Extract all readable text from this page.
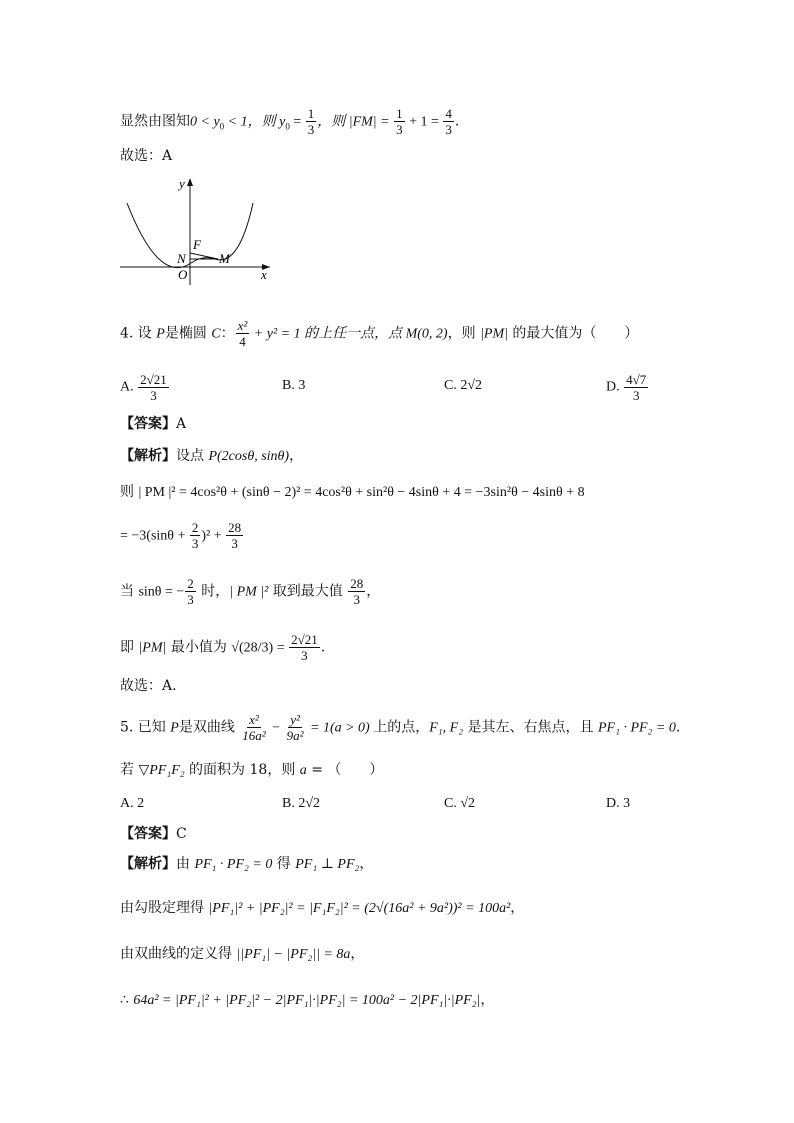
显然由图知$0 < y_0 < 1$，则 $y_0 = \frac{1}{3}$ ，则 $|FM| = \frac{1}{3} + 1 = \frac{4}{3}$ .
故选：A
y
x
F
N	M
O
4. 设 P是椭圆 C： $\frac{\text{x²}}{4} + y^2 = 1$ 的上任一点，点 M(0, 2)，则 |PM| 的最大值为（　　）
A. $\frac{2√21}{3}$	B. 3	C. 2√2	D. $\frac{4√7}{3}$
【答案】A
【解析】设点 P(2cosθ, sinθ)，
则 | PM |² = 4cos²θ + (sinθ − 2)² = 4cos²θ + sin²θ − 4sinθ + 4 = −3sin²θ − 4sinθ + 8
= $-3(\sin\theta + \frac{2}{3} )^2 + \frac{28}{3}$
当 sinθ = − $\frac{2}{3}$ 时，| PM |² 取到最大值 $\frac{28}{3}$ ，
即 |PM| 最小值为 $√(28/3) = \frac{2√21}{3}$ .
故选：A.
5. 已知 P是双曲线 $\frac{\text{x²}}{\text{16a²}} - \frac{\text{y²}}{\text{9a²}} = 1(a > 0)$ 上的点，F₁, F₂ 是其左、右焦点，且 PF₁ · PF₂ = 0.
若 ▽PF₁F₂ 的面积为 18，则 a = （　　）
A. 2	B. 2√2	C. √2	D. 3
【答案】C
【解析】由 PF₁ · PF₂ = 0 得 PF₁ ⊥ PF₂，
由勾股定理得 |PF₁|² + |PF₂|² = |F₁F₂|² = (2√(16a² + 9a²))² = 100a²，
由双曲线的定义得 ||PF₁| − |PF₂|| = 8a，
∴ 64a² = |PF₁|² + |PF₂|² − 2|PF₁|·|PF₂| = 100a² − 2|PF₁|·|PF₂|，
